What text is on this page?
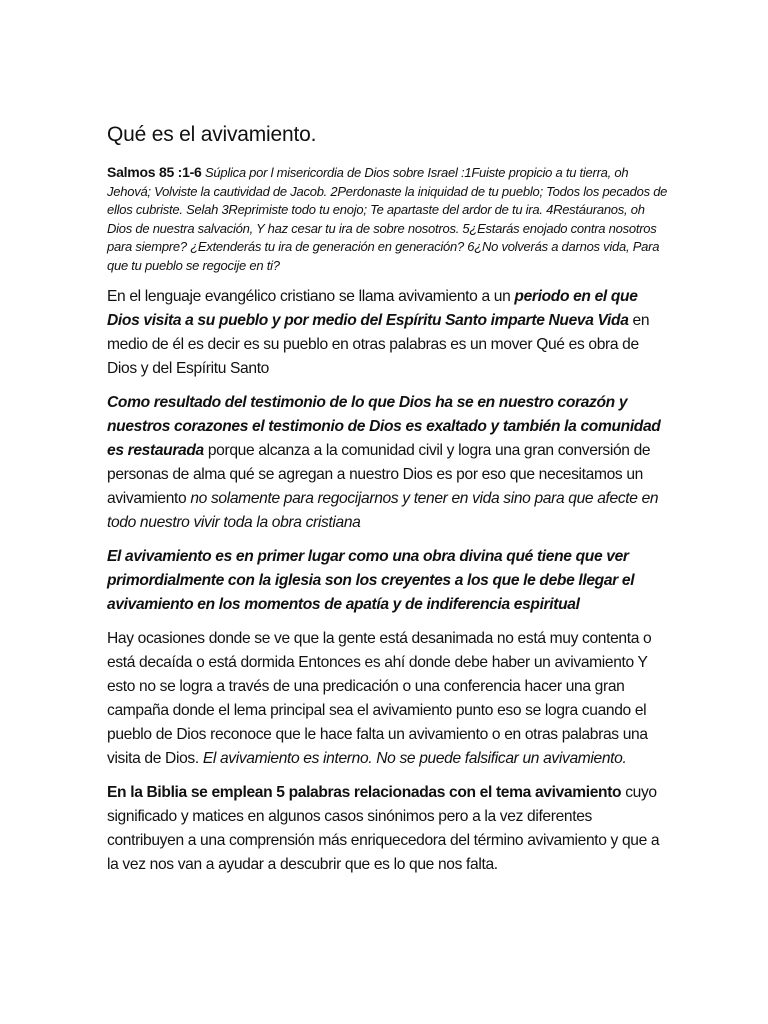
Qué es el avivamiento.

Salmos 85 :1-6 Súplica por l misericordia de Dios sobre Israel :1Fuiste propicio a tu tierra, oh Jehová; Volviste la cautividad de Jacob. 2Perdonaste la iniquidad de tu pueblo; Todos los pecados de ellos cubriste. Selah 3Reprimiste todo tu enojo; Te apartaste del ardor de tu ira. 4Restáuranos, oh Dios de nuestra salvación, Y haz cesar tu ira de sobre nosotros. 5¿Estarás enojado contra nosotros para siempre? ¿Extenderás tu ira de generación en generación? 6¿No volverás a darnos vida, Para que tu pueblo se regocije en ti?

En el lenguaje evangélico cristiano se llama avivamiento a un periodo en el que Dios visita a su pueblo y por medio del Espíritu Santo imparte Nueva Vida en medio de él es decir es su pueblo en otras palabras es un mover Qué es obra de Dios y del Espíritu Santo

Como resultado del testimonio de lo que Dios ha se en nuestro corazón y nuestros corazones el testimonio de Dios es exaltado y también la comunidad es restaurada porque alcanza a la comunidad civil y logra una gran conversión de personas de alma qué se agregan a nuestro Dios es por eso que necesitamos un avivamiento no solamente para regocijarnos y tener en vida sino para que afecte en todo nuestro vivir toda la obra cristiana

El avivamiento es en primer lugar como una obra divina qué tiene que ver primordialmente con la iglesia son los creyentes a los que le debe llegar el avivamiento en los momentos de apatía y de indiferencia espiritual

Hay ocasiones donde se ve que la gente está desanimada no está muy contenta o está decaída o está dormida Entonces es ahí donde debe haber un avivamiento Y esto no se logra a través de una predicación o una conferencia hacer una gran campaña donde el lema principal sea el avivamiento punto eso se logra cuando el pueblo de Dios reconoce que le hace falta un avivamiento o en otras palabras una visita de Dios. El avivamiento es interno. No se puede falsificar un avivamiento.

En la Biblia se emplean 5 palabras relacionadas con el tema avivamiento cuyo significado y matices en algunos casos sinónimos pero a la vez diferentes contribuyen a una comprensión más enriquecedora del término avivamiento y que a la vez nos van a ayudar a descubrir que es lo que nos falta.
